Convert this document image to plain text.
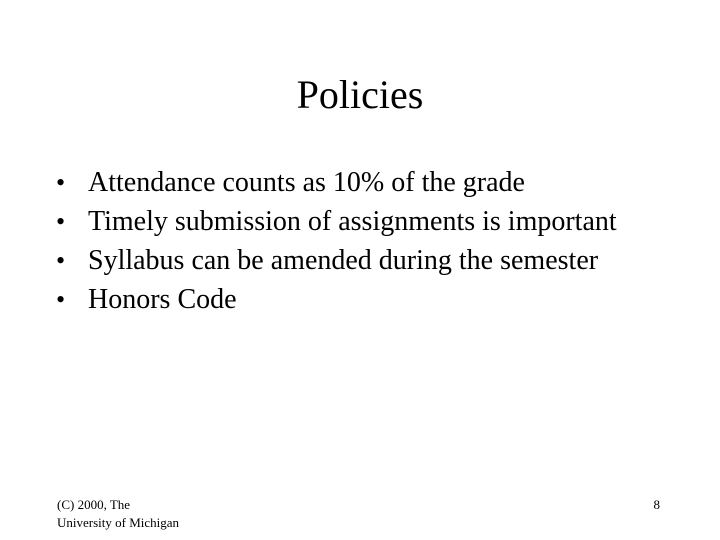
Policies
• Attendance counts as 10% of the grade
• Timely submission of assignments is important
• Syllabus can be amended during the semester
• Honors Code
(C) 2000, The
University of Michigan
8
